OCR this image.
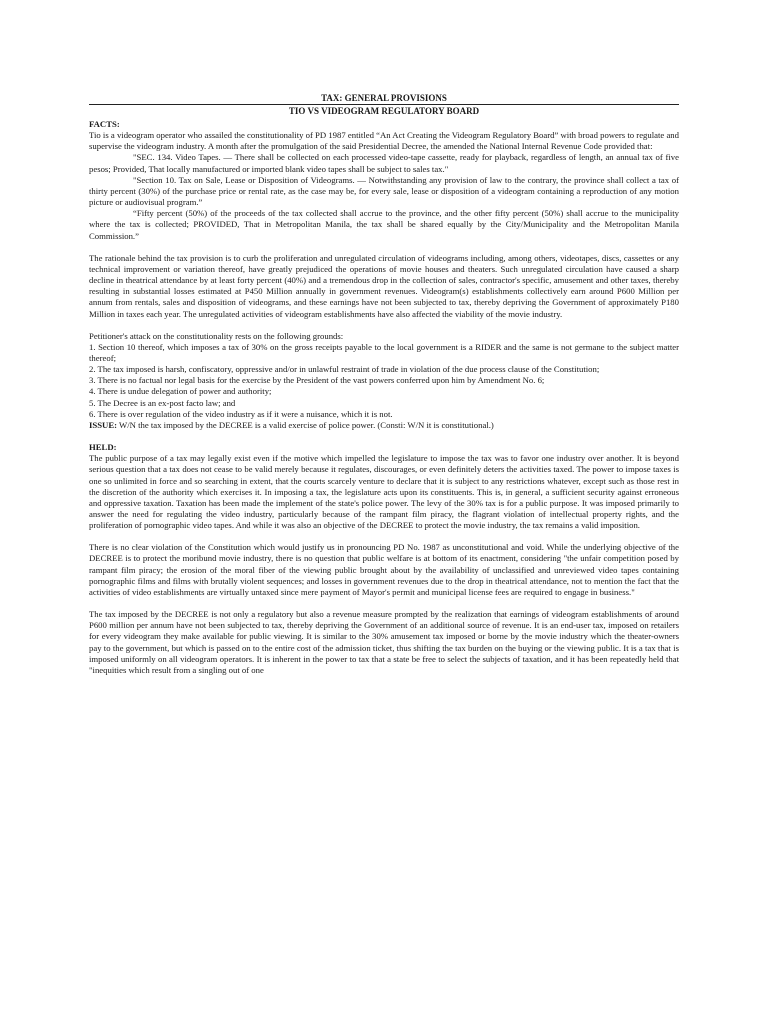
TAX: GENERAL PROVISIONS

TIO VS VIDEOGRAM REGULATORY BOARD

FACTS:

Tio is a videogram operator who assailed the constitutionality of PD 1987 entitled “An Act Creating the Videogram Regulatory Board” with broad powers to regulate and supervise the videogram industry. A month after the promulgation of the said Presidential Decree, the amended the National Internal Revenue Code provided that:

"SEC. 134. Video Tapes. — There shall be collected on each processed video-tape cassette, ready for playback, regardless of length, an annual tax of five pesos; Provided, That locally manufactured or imported blank video tapes shall be subject to sales tax."

"Section 10. Tax on Sale, Lease or Disposition of Videograms. — Notwithstanding any provision of law to the contrary, the province shall collect a tax of thirty percent (30%) of the purchase price or rental rate, as the case may be, for every sale, lease or disposition of a videogram containing a reproduction of any motion picture or audiovisual program.”

“Fifty percent (50%) of the proceeds of the tax collected shall accrue to the province, and the other fifty percent (50%) shall accrue to the municipality where the tax is collected; PROVIDED, That in Metropolitan Manila, the tax shall be shared equally by the City/Municipality and the Metropolitan Manila Commission.”

The rationale behind the tax provision is to curb the proliferation and unregulated circulation of videograms including, among others, videotapes, discs, cassettes or any technical improvement or variation thereof, have greatly prejudiced the operations of movie houses and theaters. Such unregulated circulation have caused a sharp decline in theatrical attendance by at least forty percent (40%) and a tremendous drop in the collection of sales, contractor's specific, amusement and other taxes, thereby resulting in substantial losses estimated at P450 Million annually in government revenues. Videogram(s) establishments collectively earn around P600 Million per annum from rentals, sales and disposition of videograms, and these earnings have not been subjected to tax, thereby depriving the Government of approximately P180 Million in taxes each year. The unregulated activities of videogram establishments have also affected the viability of the movie industry.

Petitioner's attack on the constitutionality rests on the following grounds:

1. Section 10 thereof, which imposes a tax of 30% on the gross receipts payable to the local government is a RIDER and the same is not germane to the subject matter thereof;
2. The tax imposed is harsh, confiscatory, oppressive and/or in unlawful restraint of trade in violation of the due process clause of the Constitution;
3. There is no factual nor legal basis for the exercise by the President of the vast powers conferred upon him by Amendment No. 6;
4. There is undue delegation of power and authority;
5. The Decree is an ex-post facto law; and
6. There is over regulation of the video industry as if it were a nuisance, which it is not.

ISSUE: W/N the tax imposed by the DECREE is a valid exercise of police power. (Consti: W/N it is constitutional.)

HELD:

The public purpose of a tax may legally exist even if the motive which impelled the legislature to impose the tax was to favor one industry over another. It is beyond serious question that a tax does not cease to be valid merely because it regulates, discourages, or even definitely deters the activities taxed. The power to impose taxes is one so unlimited in force and so searching in extent, that the courts scarcely venture to declare that it is subject to any restrictions whatever, except such as those rest in the discretion of the authority which exercises it. In imposing a tax, the legislature acts upon its constituents. This is, in general, a sufficient security against erroneous and oppressive taxation. Taxation has been made the implement of the state's police power. The levy of the 30% tax is for a public purpose. It was imposed primarily to answer the need for regulating the video industry, particularly because of the rampant film piracy, the flagrant violation of intellectual property rights, and the proliferation of pornographic video tapes. And while it was also an objective of the DECREE to protect the movie industry, the tax remains a valid imposition.

There is no clear violation of the Constitution which would justify us in pronouncing PD No. 1987 as unconstitutional and void. While the underlying objective of the DECREE is to protect the moribund movie industry, there is no question that public welfare is at bottom of its enactment, considering "the unfair competition posed by rampant film piracy; the erosion of the moral fiber of the viewing public brought about by the availability of unclassified and unreviewed video tapes containing pornographic films and films with brutally violent sequences; and losses in government revenues due to the drop in theatrical attendance, not to mention the fact that the activities of video establishments are virtually untaxed since mere payment of Mayor's permit and municipal license fees are required to engage in business."

The tax imposed by the DECREE is not only a regulatory but also a revenue measure prompted by the realization that earnings of videogram establishments of around P600 million per annum have not been subjected to tax, thereby depriving the Government of an additional source of revenue. It is an end-user tax, imposed on retailers for every videogram they make available for public viewing. It is similar to the 30% amusement tax imposed or borne by the movie industry which the theater-owners pay to the government, but which is passed on to the entire cost of the admission ticket, thus shifting the tax burden on the buying or the viewing public. It is a tax that is imposed uniformly on all videogram operators. It is inherent in the power to tax that a state be free to select the subjects of taxation, and it has been repeatedly held that "inequities which result from a singling out of one
